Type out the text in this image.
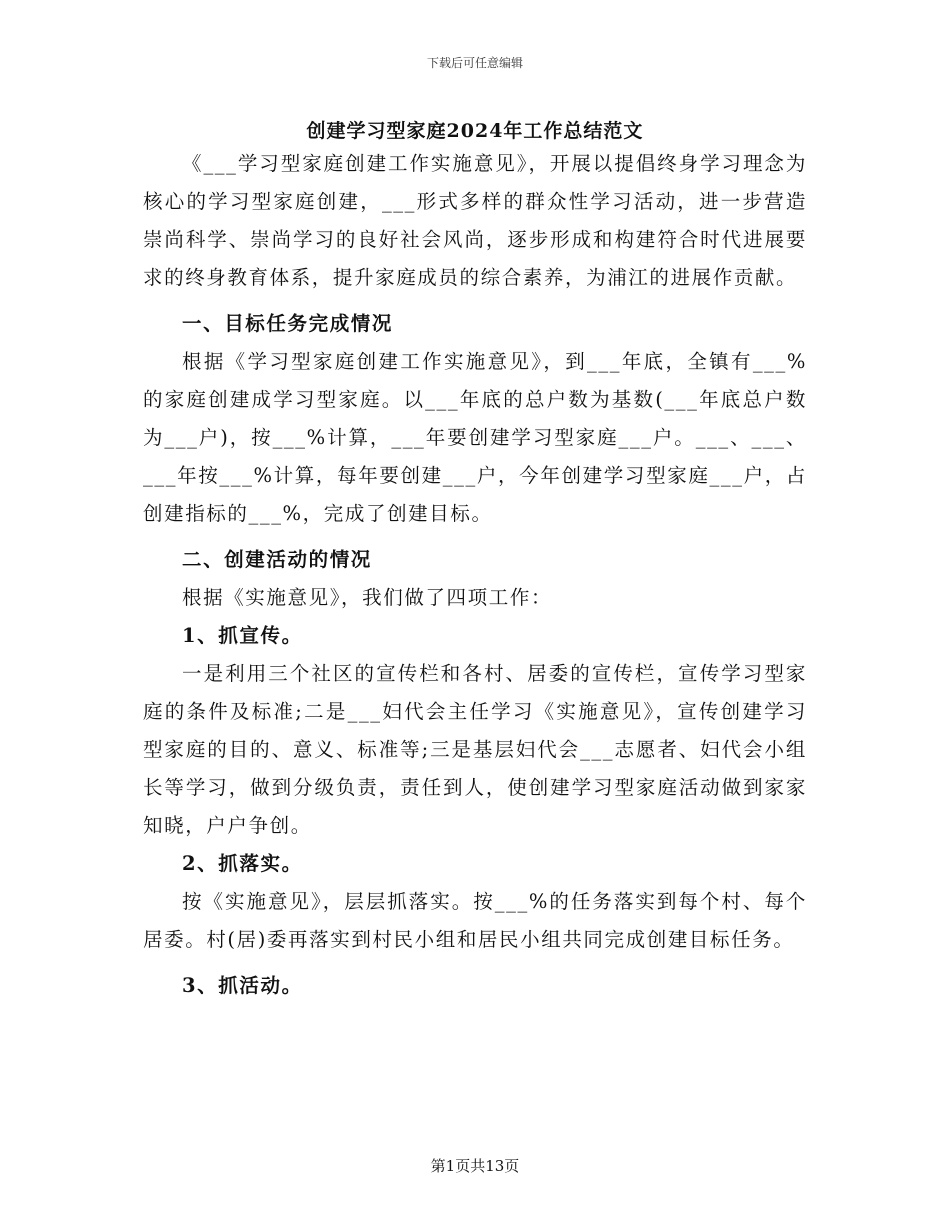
下载后可任意编辑
创建学习型家庭2024年工作总结范文

《___学习型家庭创建工作实施意见》，开展以提倡终身学习理念为核心的学习型家庭创建，___形式多样的群众性学习活动，进一步营造崇尚科学、崇尚学习的良好社会风尚，逐步形成和构建符合时代进展要求的终身教育体系，提升家庭成员的综合素养，为浦江的进展作贡献。

一、目标任务完成情况

根据《学习型家庭创建工作实施意见》，到___年底，全镇有___%的家庭创建成学习型家庭。以___年底的总户数为基数(___年底总户数为___户)，按___%计算，___年要创建学习型家庭___户。___、___、___年按___%计算，每年要创建___户，今年创建学习型家庭___户，占创建指标的___%，完成了创建目标。

二、创建活动的情况

根据《实施意见》，我们做了四项工作：

1、抓宣传。

一是利用三个社区的宣传栏和各村、居委的宣传栏，宣传学习型家庭的条件及标准;二是___妇代会主任学习《实施意见》，宣传创建学习型家庭的目的、意义、标准等;三是基层妇代会___志愿者、妇代会小组长等学习，做到分级负责，责任到人，使创建学习型家庭活动做到家家知晓，户户争创。

2、抓落实。

按《实施意见》，层层抓落实。按___%的任务落实到每个村、每个居委。村(居)委再落实到村民小组和居民小组共同完成创建目标任务。

3、抓活动。

第1页共13页
